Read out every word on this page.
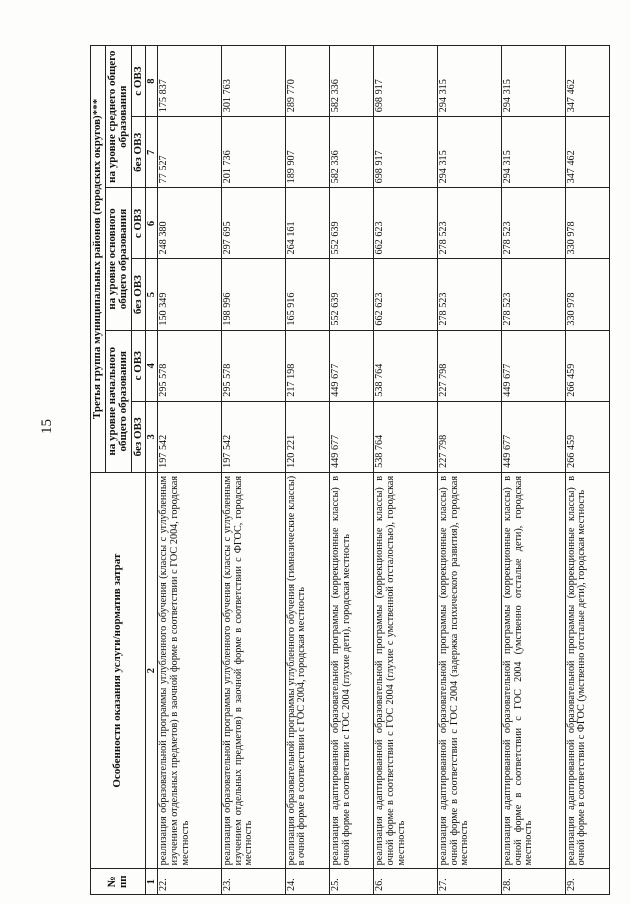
15
№ пп	Особенности оказания услуги/норматив затрат	Третья группа муниципальных районов (городских округов)***					
		на уровне начального общего образования		на уровне основного общего образования		на уровне среднего общего образования	
		без ОВЗ	с ОВЗ	без ОВЗ	с ОВЗ	без ОВЗ	с ОВЗ
1	2	3	4	5	6	7	8
22.	реализация образовательной программы углубленного обучения (классы с углубленным изучением отдельных предметов) в заочной форме в соответствии с ГОС 2004, городская местность	197 542	295 578	150 349	248 380	77 527	175 837
23.	реализация образовательной программы углубленного обучения (классы с углубленным изучением отдельных предметов) в заочной форме в соответствии с ФГОС, городская местность	197 542	295 578	198 996	297 695	201 736	301 763
24.	реализация образовательной программы углубленного обучения (гимназические классы) в очной форме в соответствии с ГОС 2004, городская местность	120 221	217 198	165 916	264 161	189 907	289 770
25.	реализация адаптированной образовательной программы (коррекционные классы) в очной форме в соответствии с ГОС 2004 (глухие дети), городская местность	449 677	449 677	552 639	552 639	582 336	582 336
26.	реализация адаптированной образовательной программы (коррекционные классы) в очной форме в соответствии с ГОС 2004 (глухие с умственной отсталостью), городская местность	538 764	538 764	662 623	662 623	698 917	698 917
27.	реализация адаптированной образовательной программы (коррекционные классы) в очной форме в соответствии с ГОС 2004 (задержка психического развития), городская местность	227 798	227 798	278 523	278 523	294 315	294 315
28.	реализация адаптированной образовательной программы (коррекционные классы) в очной форме в соответствии с ГОС 2004 (умственно отсталые дети), городская местность	449 677	449 677	278 523	278 523	294 315	294 315
29.	реализация адаптированной образовательной программы (коррекционные классы) в очной форме в соответствии с ФГОС (умственно отсталые дети), городская местность	266 459	266 459	330 978	330 978	347 462	347 462
